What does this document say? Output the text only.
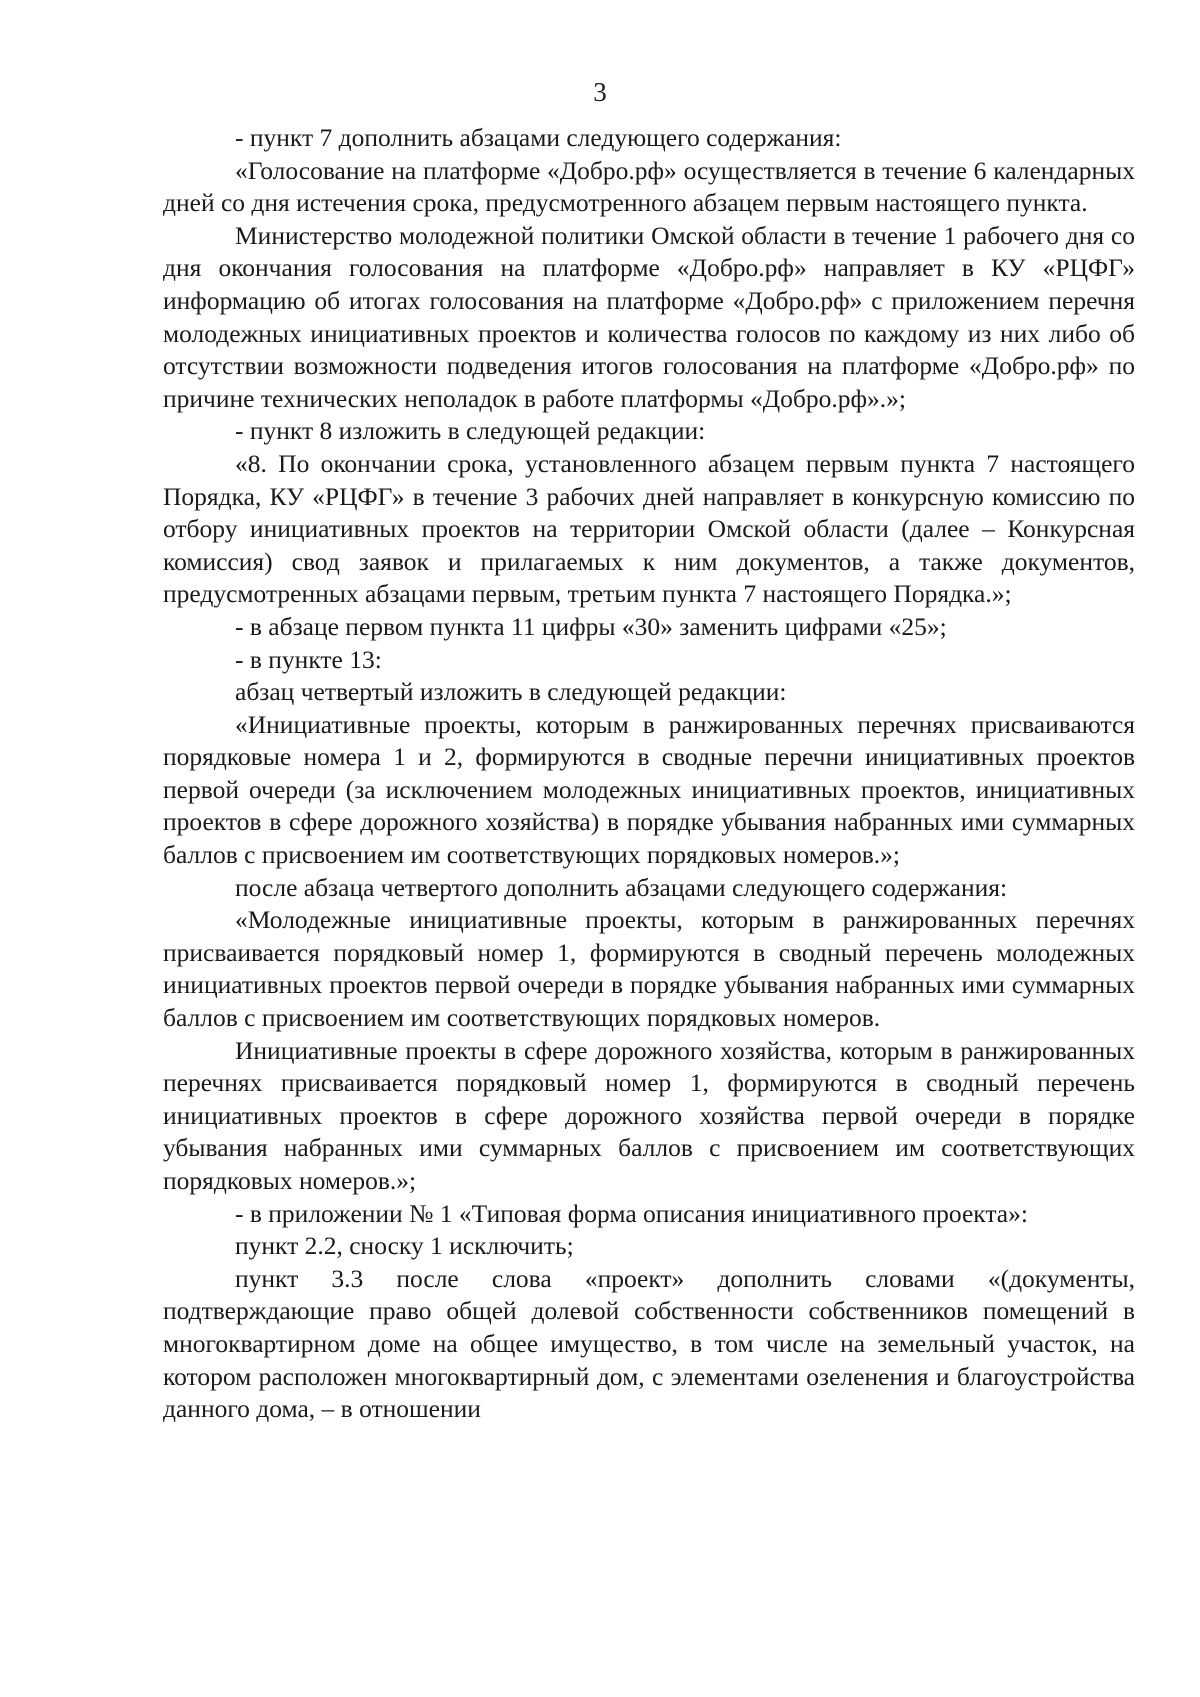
3

- пункт 7 дополнить абзацами следующего содержания:

«Голосование на платформе «Добро.рф» осуществляется в течение 6 календарных дней со дня истечения срока, предусмотренного абзацем первым настоящего пункта.

Министерство молодежной политики Омской области в течение 1 рабочего дня со дня окончания голосования на платформе «Добро.рф» направляет в КУ «РЦФГ» информацию об итогах голосования на платформе «Добро.рф» с приложением перечня молодежных инициативных проектов и количества голосов по каждому из них либо об отсутствии возможности подведения итогов голосования на платформе «Добро.рф» по причине технических неполадок в работе платформы «Добро.рф».»;

- пункт 8 изложить в следующей редакции:

«8. По окончании срока, установленного абзацем первым пункта 7 настоящего Порядка, КУ «РЦФГ» в течение 3 рабочих дней направляет в конкурсную комиссию по отбору инициативных проектов на территории Омской области (далее – Конкурсная комиссия) свод заявок и прилагаемых к ним документов, а также документов, предусмотренных абзацами первым, третьим пункта 7 настоящего Порядка.»;

- в абзаце первом пункта 11 цифры «30» заменить цифрами «25»;

- в пункте 13:

абзац четвертый изложить в следующей редакции:

«Инициативные проекты, которым в ранжированных перечнях присваиваются порядковые номера 1 и 2, формируются в сводные перечни инициативных проектов первой очереди (за исключением молодежных инициативных проектов, инициативных проектов в сфере дорожного хозяйства) в порядке убывания набранных ими суммарных баллов с присвоением им соответствующих порядковых номеров.»;

после абзаца четвертого дополнить абзацами следующего содержания:

«Молодежные инициативные проекты, которым в ранжированных перечнях присваивается порядковый номер 1, формируются в сводный перечень молодежных инициативных проектов первой очереди в порядке убывания набранных ими суммарных баллов с присвоением им соответствующих порядковых номеров.

Инициативные проекты в сфере дорожного хозяйства, которым в ранжированных перечнях присваивается порядковый номер 1, формируются в сводный перечень инициативных проектов в сфере дорожного хозяйства первой очереди в порядке убывания набранных ими суммарных баллов с присвоением им соответствующих порядковых номеров.»;

- в приложении № 1 «Типовая форма описания инициативного проекта»:

пункт 2.2, сноску 1 исключить;

пункт 3.3 после слова «проект» дополнить словами «(документы, подтверждающие право общей долевой собственности собственников помещений в многоквартирном доме на общее имущество, в том числе на земельный участок, на котором расположен многоквартирный дом, с элементами озеленения и благоустройства данного дома, – в отношении
